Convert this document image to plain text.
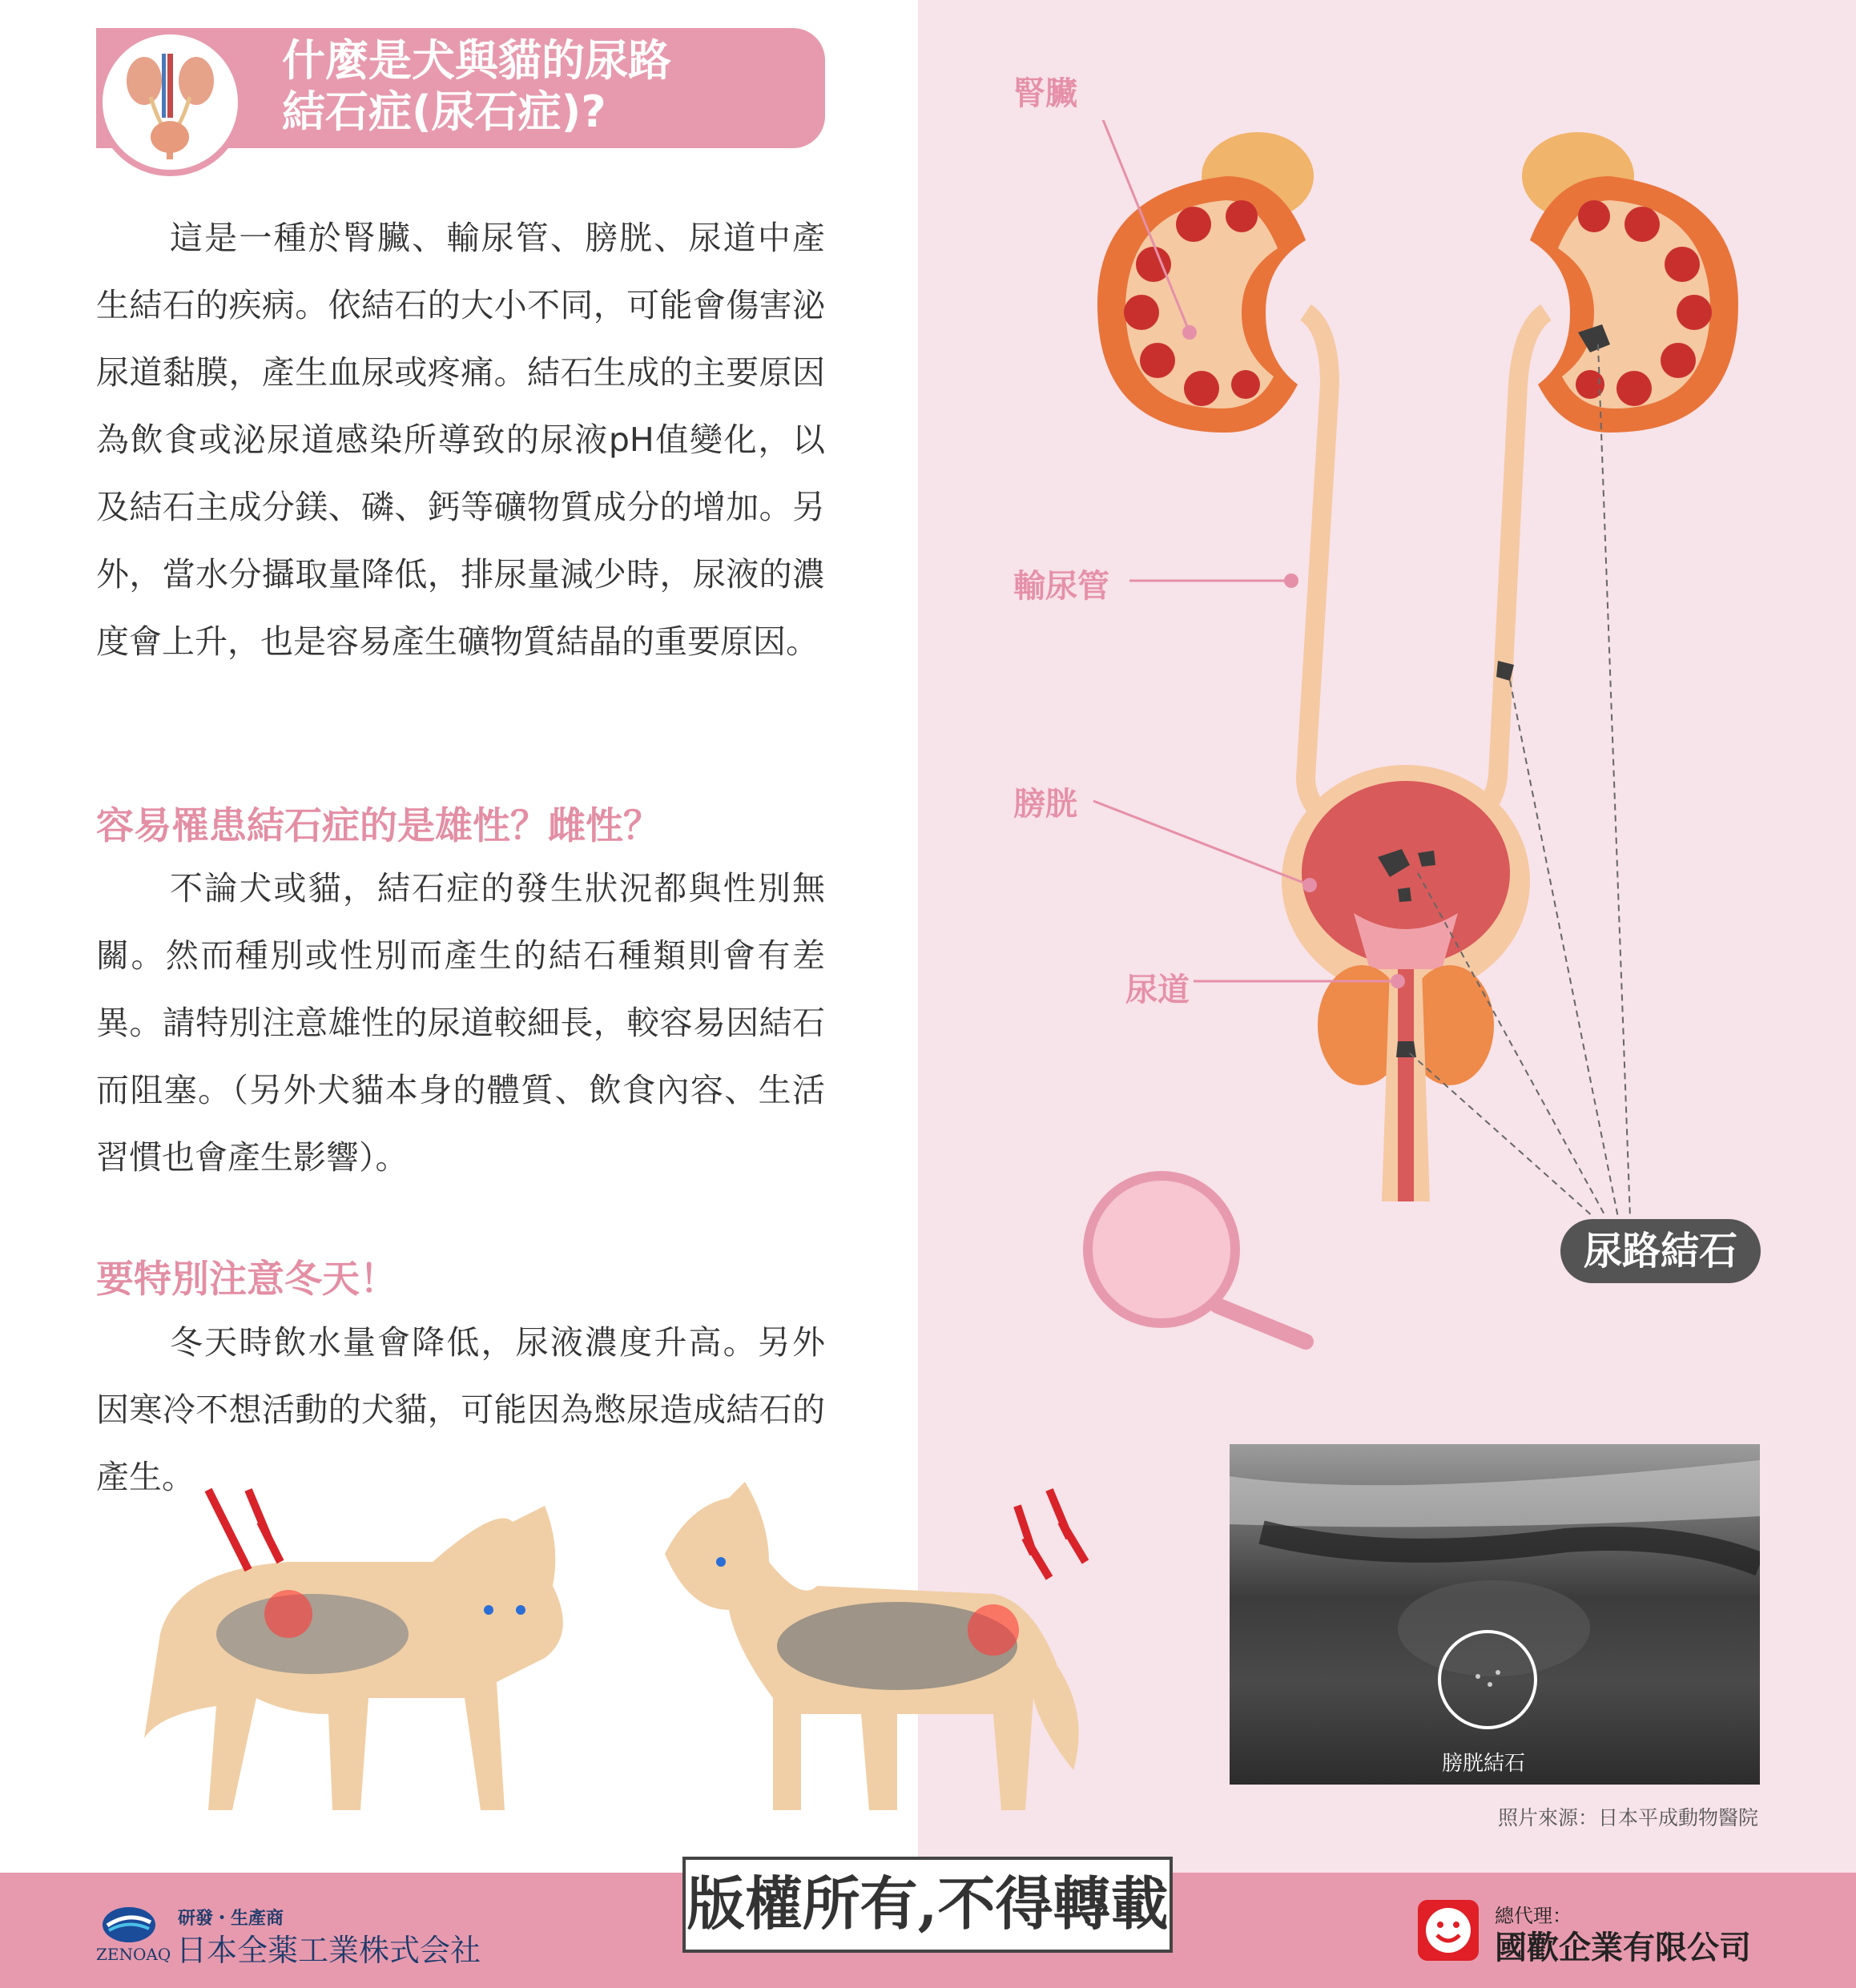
什麼是犬與貓的尿路
結石症(尿石症)?

這是一種於腎臟、輸尿管、膀胱、尿道中產生結石的疾病。依結石的大小不同，可能會傷害泌尿道黏膜，產生血尿或疼痛。結石生成的主要原因為飲食或泌尿道感染所導致的尿液pH值變化，以及結石主成分鎂、磷、鈣等礦物質成分的增加。另外，當水分攝取量降低，排尿量減少時，尿液的濃度會上升，也是容易產生礦物質結晶的重要原因。

容易罹患結石症的是雄性？雌性？

不論犬或貓，結石症的發生狀況都與性別無關。然而種別或性別而產生的結石種類則會有差異。請特別注意雄性的尿道較細長，較容易因結石而阻塞。（另外犬貓本身的體質、飲食內容、生活習慣也會產生影響）。

要特別注意冬天！

冬天時飲水量會降低，尿液濃度升高。另外因寒冷不想活動的犬貓，可能因為憋尿造成結石的產生。

腎臟
輸尿管
膀胱
尿道
尿路結石
膀胱結石
照片來源：日本平成動物醫院
版權所有,不得轉載
ZENOAQ
研發・生產商
日本全薬工業株式会社
總代理：
國歡企業有限公司
